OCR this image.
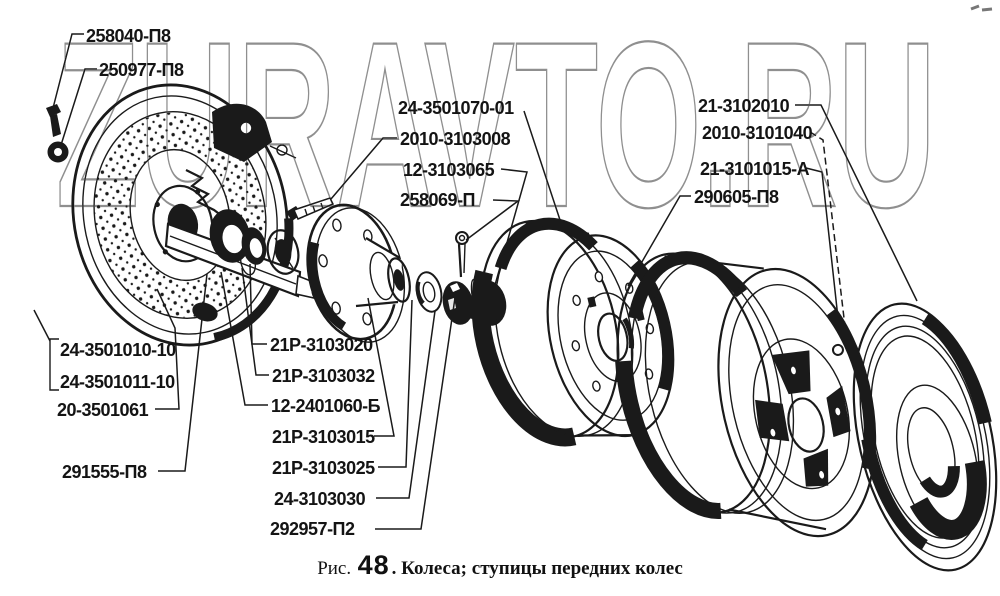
ZURAVTO.RU
258040-П8
250977-П8
24-3501070-01
2010-3103008
12-3103065
258069-П
21-3102010
2010-3101040
21-3101015-А
290605-П8
24-3501010-10
24-3501011-10
20-3501061
291555-П8
21Р-3103020
21Р-3103032
12-2401060-Б
21Р-3103015
21Р-3103025
24-3103030
292957-П2
Рис. 48 . Колеса; ступицы передних колес
